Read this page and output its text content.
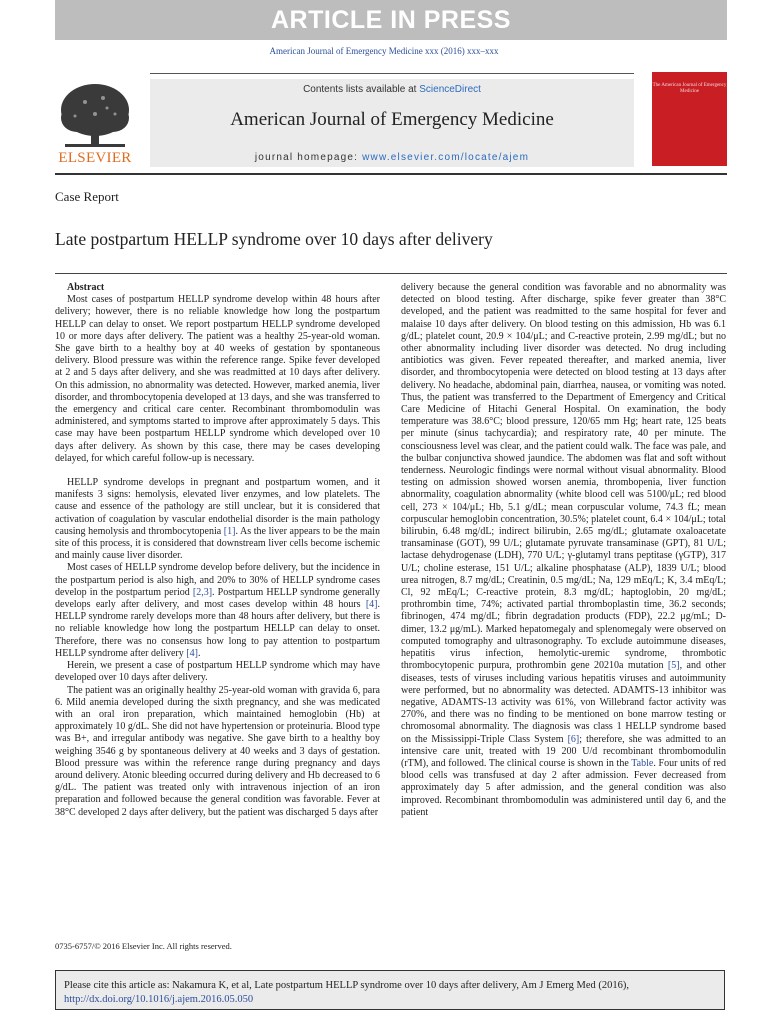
ARTICLE IN PRESS
American Journal of Emergency Medicine xxx (2016) xxx–xxx
ELSEVIER
Contents lists available at ScienceDirect
American Journal of Emergency Medicine
journal homepage: www.elsevier.com/locate/ajem
The American Journal of Emergency Medicine
Case Report
Late postpartum HELLP syndrome over 10 days after delivery

Abstract

Most cases of postpartum HELLP syndrome develop within 48 hours after delivery; however, there is no reliable knowledge how long the postpartum HELLP can delay to onset. We report postpartum HELLP syndrome developed 10 or more days after delivery. The patient was a healthy 25-year-old woman. She gave birth to a healthy boy at 40 weeks of gestation by spontaneous delivery. Blood pressure was within the reference range. Spike fever developed at 2 and 5 days after delivery, and she was readmitted at 10 days after delivery. On this admission, no abnormality was detected. However, marked anemia, liver disorder, and thrombocytopenia developed at 13 days, and she was transferred to the emergency and critical care center. Recombinant thrombomodulin was administered, and symptoms started to improve after approximately 5 days. This case may have been postpartum HELLP syndrome which developed over 10 days after delivery. As shown by this case, there may be cases developing delayed, for which careful follow-up is necessary.

HELLP syndrome develops in pregnant and postpartum women, and it manifests 3 signs: hemolysis, elevated liver enzymes, and low platelets. The cause and essence of the pathology are still unclear, but it is considered that activation of coagulation by vascular endothelial disorder is the main pathology causing hemolysis and thrombocytopenia [1]. As the liver appears to be the main site of this process, it is considered that downstream liver cells become ischemic and mainly cause liver disorder.

Most cases of HELLP syndrome develop before delivery, but the incidence in the postpartum period is also high, and 20% to 30% of HELLP syndrome cases develop in the postpartum period [2,3]. Postpartum HELLP syndrome generally develops early after delivery, and most cases develop within 48 hours [4]. HELLP syndrome rarely develops more than 48 hours after delivery, but there is no reliable knowledge how long the postpartum HELLP can delay to onset. Therefore, there was no consensus how long to pay attention to postpartum HELLP syndrome after delivery [4].

Herein, we present a case of postpartum HELLP syndrome which may have developed over 10 days after delivery.

The patient was an originally healthy 25-year-old woman with gravida 6, para 6. Mild anemia developed during the sixth pregnancy, and she was medicated with an oral iron preparation, which maintained hemoglobin (Hb) at approximately 10 g/dL. She did not have hypertension or proteinuria. Blood type was B+, and irregular antibody was negative. She gave birth to a healthy boy weighing 3546 g by spontaneous delivery at 40 weeks and 3 days of gestation. Blood pressure was within the reference range during pregnancy and days around delivery. Atonic bleeding occurred during delivery and Hb decreased to 6 g/dL. The patient was treated only with intravenous injection of an iron preparation and followed because the general condition was favorable. Fever at 38°C developed 2 days after delivery, but the patient was discharged 5 days after

delivery because the general condition was favorable and no abnormality was detected on blood testing. After discharge, spike fever greater than 38°C developed, and the patient was readmitted to the same hospital for fever and malaise 10 days after delivery. On blood testing on this admission, Hb was 6.1 g/dL; platelet count, 20.9 × 104/μL; and C-reactive protein, 2.99 mg/dL; but no other abnormality including liver disorder was detected. No drug including antibiotics was given. Fever repeated thereafter, and marked anemia, liver disorder, and thrombocytopenia were detected on blood testing at 13 days after delivery. No headache, abdominal pain, diarrhea, nausea, or vomiting was noted. Thus, the patient was transferred to the Department of Emergency and Critical Care Medicine of Hitachi General Hospital. On examination, the body temperature was 38.6°C; blood pressure, 120/65 mm Hg; heart rate, 125 beats per minute (sinus tachycardia); and respiratory rate, 40 per minute. The consciousness level was clear, and the patient could walk. The face was pale, and the bulbar conjunctiva showed jaundice. The abdomen was flat and soft without tenderness. Neurologic findings were normal without visual abnormality. Blood testing on admission showed worsen anemia, thrombopenia, liver function abnormality, coagulation abnormality (white blood cell was 5100/μL; red blood cell, 273 × 104/μL; Hb, 5.1 g/dL; mean corpuscular volume, 74.3 fL; mean corpuscular hemoglobin concentration, 30.5%; platelet count, 6.4 × 104/μL; total bilirubin, 6.48 mg/dL; indirect bilirubin, 2.65 mg/dL; glutamate oxaloacetate transaminase (GOT), 99 U/L; glutamate pyruvate transaminase (GPT), 81 U/L; lactase dehydrogenase (LDH), 770 U/L; γ-glutamyl trans peptitase (γGTP), 317 U/L; choline esterase, 151 U/L; alkaline phosphatase (ALP), 1839 U/L; blood urea nitrogen, 8.7 mg/dL; Creatinin, 0.5 mg/dL; Na, 129 mEq/L; K, 3.4 mEq/L; Cl, 92 mEq/L; C-reactive protein, 8.3 mg/dL; haptoglobin, 20 mg/dL; prothrombin time, 74%; activated partial thromboplastin time, 36.2 seconds; fibrinogen, 474 mg/dL; fibrin degradation products (FDP), 22.2 μg/mL; D-dimer, 13.2 μg/mL). Marked hepatomegaly and splenomegaly were observed on computed tomography and ultrasonography. To exclude autoimmune diseases, hepatitis virus infection, hemolytic-uremic syndrome, thrombotic thrombocytopenic purpura, prothrombin gene 20210a mutation [5], and other diseases, tests of viruses including various hepatitis viruses and autoimmunity were performed, but no abnormality was detected. ADAMTS-13 inhibitor was negative, ADAMTS-13 activity was 61%, von Willebrand factor activity was 270%, and there was no finding to be mentioned on bone marrow testing or chromosomal abnormality. The diagnosis was class 1 HELLP syndrome based on the Mississippi-Triple Class System [6]; therefore, she was admitted to an intensive care unit, treated with 19 200 U/d recombinant thrombomodulin (rTM), and followed. The clinical course is shown in the Table. Four units of red blood cells was transfused at day 2 after admission. Fever decreased from approximately day 5 after admission, and the general condition was also improved. Recombinant thrombomodulin was administered until day 6, and the patient

0735-6757/© 2016 Elsevier Inc. All rights reserved.
Please cite this article as: Nakamura K, et al, Late postpartum HELLP syndrome over 10 days after delivery, Am J Emerg Med (2016), http://dx.doi.org/10.1016/j.ajem.2016.05.050
